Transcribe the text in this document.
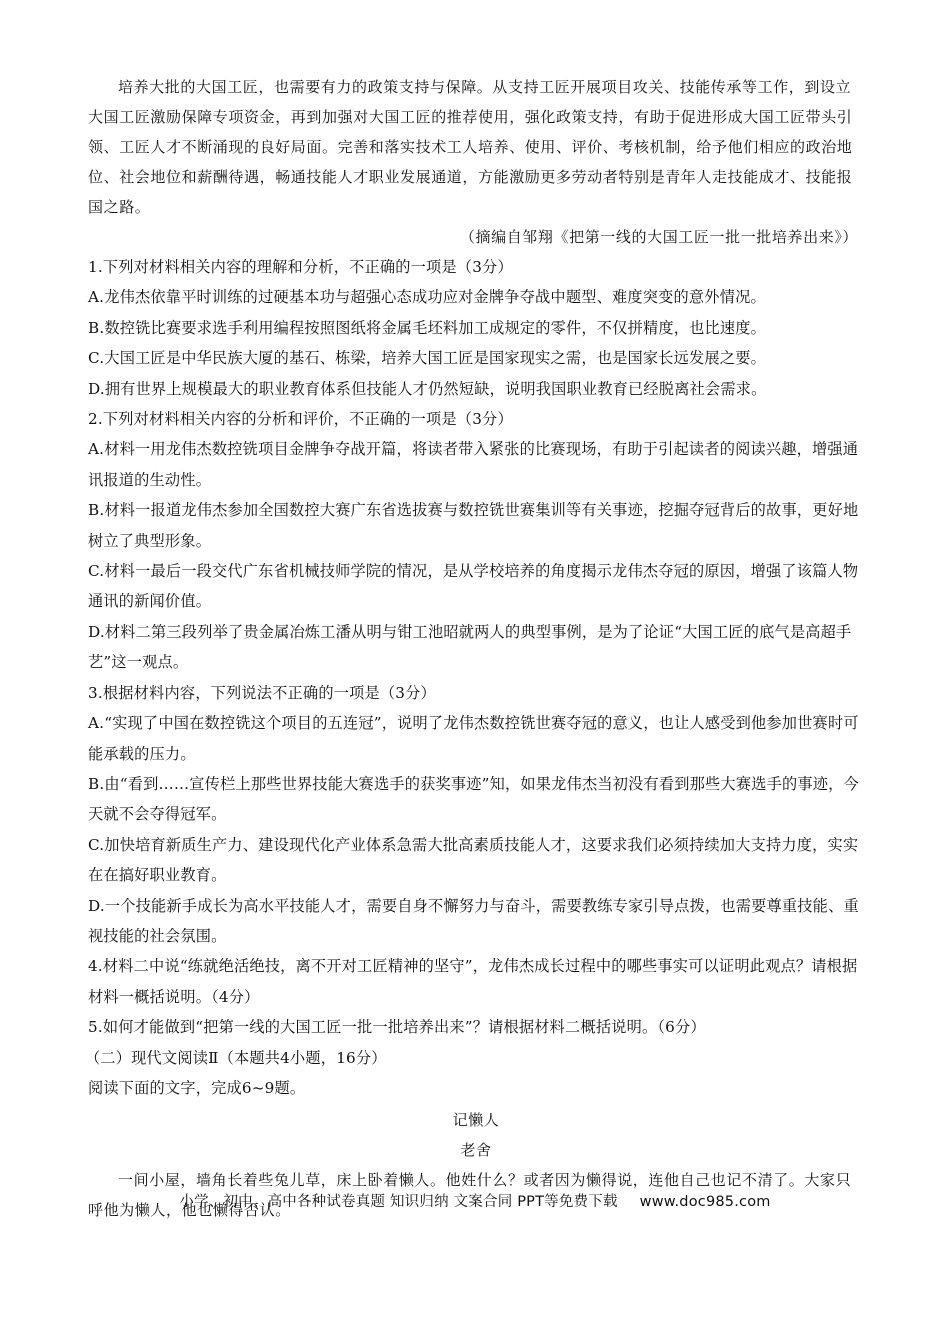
培养大批的大国工匠，也需要有力的政策支持与保障。从支持工匠开展项目攻关、技能传承等工作，到设立大国工匠激励保障专项资金，再到加强对大国工匠的推荐使用，强化政策支持，有助于促进形成大国工匠带头引领、工匠人才不断涌现的良好局面。完善和落实技术工人培养、使用、评价、考核机制，给予他们相应的政治地位、社会地位和薪酬待遇，畅通技能人才职业发展通道，方能激励更多劳动者特别是青年人走技能成才、技能报国之路。

（摘编自邹翔《把第一线的大国工匠一批一批培养出来》）

1.下列对材料相关内容的理解和分析，不正确的一项是（3分）

A.龙伟杰依靠平时训练的过硬基本功与超强心态成功应对金牌争夺战中题型、难度突变的意外情况。

B.数控铣比赛要求选手利用编程按照图纸将金属毛坯料加工成规定的零件，不仅拼精度，也比速度。

C.大国工匠是中华民族大厦的基石、栋梁，培养大国工匠是国家现实之需，也是国家长远发展之要。

D.拥有世界上规模最大的职业教育体系但技能人才仍然短缺，说明我国职业教育已经脱离社会需求。

2.下列对材料相关内容的分析和评价，不正确的一项是（3分）

A.材料一用龙伟杰数控铣项目金牌争夺战开篇，将读者带入紧张的比赛现场，有助于引起读者的阅读兴趣，增强通讯报道的生动性。

B.材料一报道龙伟杰参加全国数控大赛广东省选拔赛与数控铣世赛集训等有关事迹，挖掘夺冠背后的故事，更好地树立了典型形象。

C.材料一最后一段交代广东省机械技师学院的情况，是从学校培养的角度揭示龙伟杰夺冠的原因，增强了该篇人物通讯的新闻价值。

D.材料二第三段列举了贵金属冶炼工潘从明与钳工池昭就两人的典型事例，是为了论证“大国工匠的底气是高超手艺”这一观点。

3.根据材料内容，下列说法不正确的一项是（3分）

A.“实现了中国在数控铣这个项目的五连冠”，说明了龙伟杰数控铣世赛夺冠的意义，也让人感受到他参加世赛时可能承载的压力。

B.由“看到……宣传栏上那些世界技能大赛选手的获奖事迹”知，如果龙伟杰当初没有看到那些大赛选手的事迹，今天就不会夺得冠军。

C.加快培育新质生产力、建设现代化产业体系急需大批高素质技能人才，这要求我们必须持续加大支持力度，实实在在搞好职业教育。

D.一个技能新手成长为高水平技能人才，需要自身不懈努力与奋斗，需要教练专家引导点拨，也需要尊重技能、重视技能的社会氛围。

4.材料二中说“练就绝活绝技，离不开对工匠精神的坚守”，龙伟杰成长过程中的哪些事实可以证明此观点？请根据材料一概括说明。（4分）

5.如何才能做到“把第一线的大国工匠一批一批培养出来”？请根据材料二概括说明。（6分）

（二）现代文阅读Ⅱ（本题共4小题，16分）

阅读下面的文字，完成6~9题。

记懒人

老舍

一间小屋，墙角长着些兔儿草，床上卧着懒人。他姓什么？或者因为懒得说，连他自己也记不清了。大家只呼他为懒人，他也懒得否认。

小学、初中、高中各种试卷真题 知识归纳 文案合同 PPT等免费下载 www.doc985.com
